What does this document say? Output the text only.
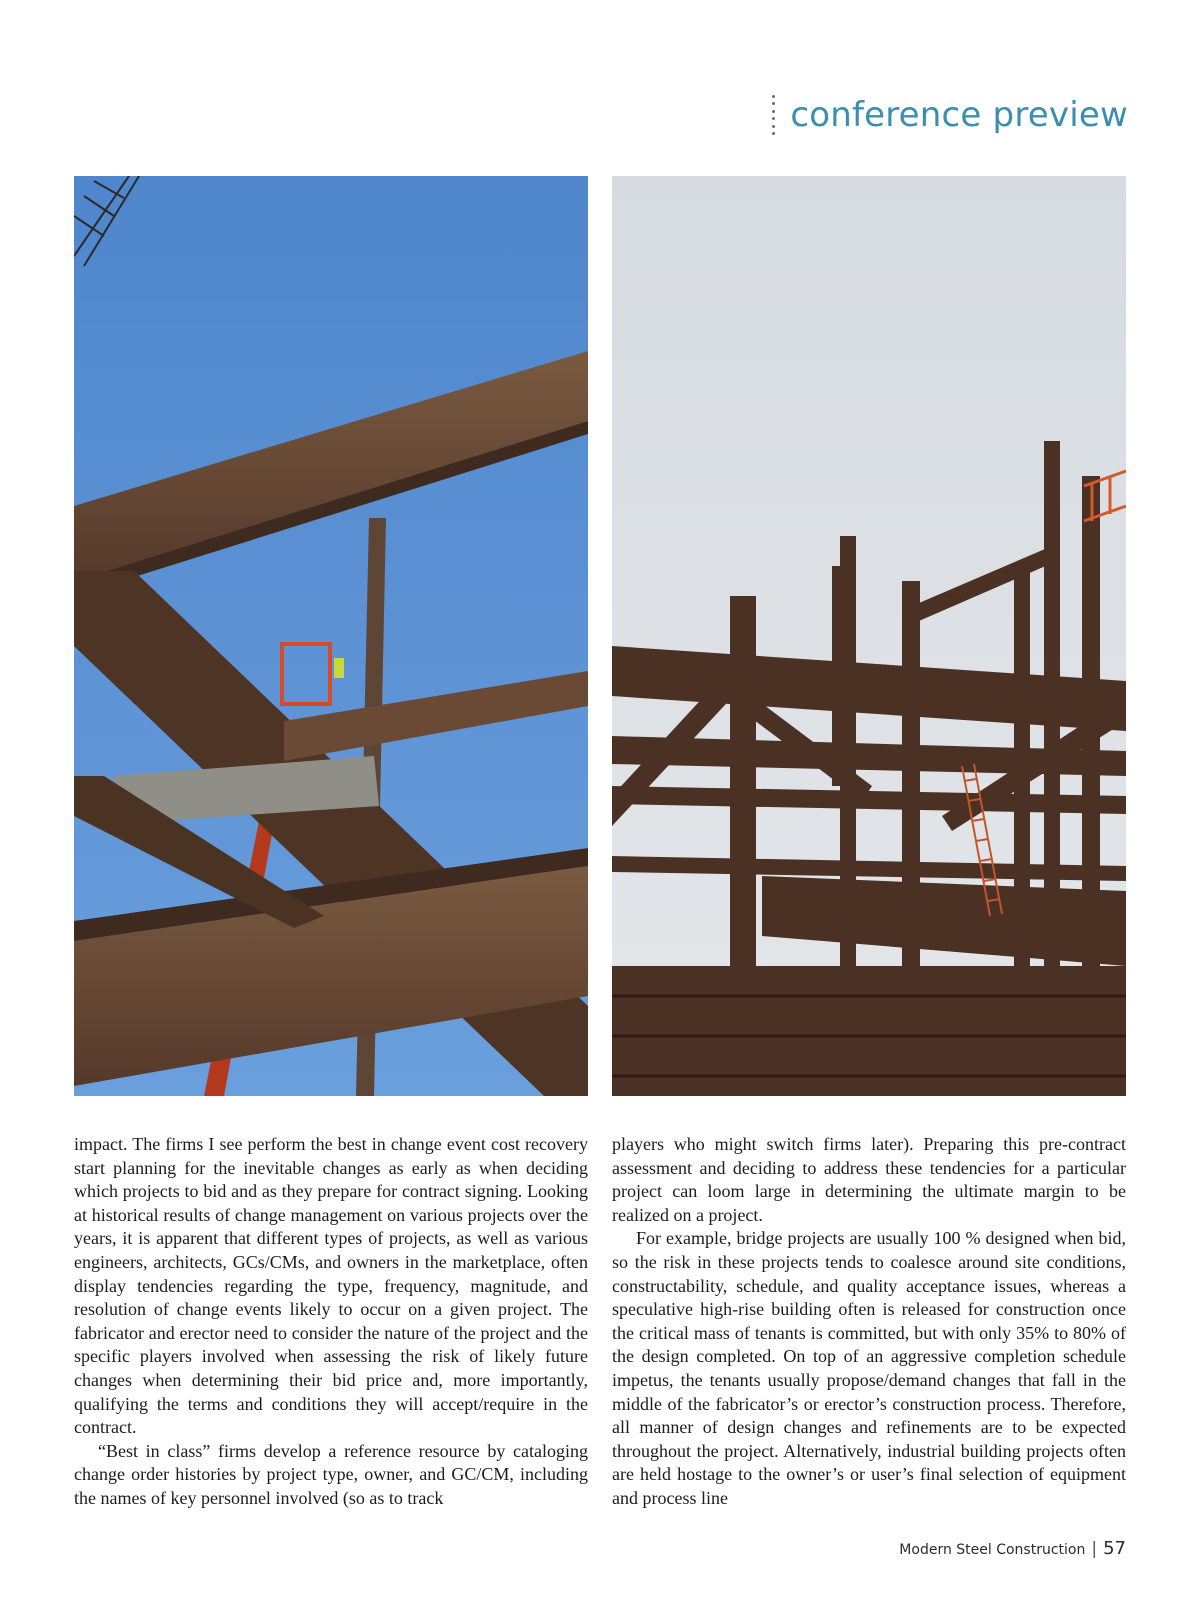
conference preview

impact. The firms I see perform the best in change event cost recovery start planning for the inevitable changes as early as when deciding which projects to bid and as they prepare for contract signing. Looking at historical results of change management on various projects over the years, it is apparent that different types of projects, as well as various engineers, architects, GCs/CMs, and owners in the marketplace, often display tendencies regarding the type, frequency, magnitude, and resolution of change events likely to occur on a given project. The fabricator and erector need to consider the nature of the project and the specific players involved when assessing the risk of likely future changes when determining their bid price and, more importantly, qualifying the terms and conditions they will accept/require in the contract.

“Best in class” firms develop a reference resource by cataloging change order histories by project type, owner, and GC/CM, including the names of key personnel involved (so as to track

players who might switch firms later). Preparing this pre-contract assessment and deciding to address these tendencies for a particular project can loom large in determining the ultimate margin to be realized on a project.

For example, bridge projects are usually 100 % designed when bid, so the risk in these projects tends to coalesce around site conditions, constructability, schedule, and quality acceptance issues, whereas a speculative high-rise building often is released for construction once the critical mass of tenants is committed, but with only 35% to 80% of the design completed. On top of an aggressive completion schedule impetus, the tenants usually propose/demand changes that fall in the middle of the fabricator’s or erector’s construction process. Therefore, all manner of design changes and refinements are to be expected throughout the project. Alternatively, industrial building projects often are held hostage to the owner’s or user’s final selection of equipment and process line

Modern Steel Construction | 57
